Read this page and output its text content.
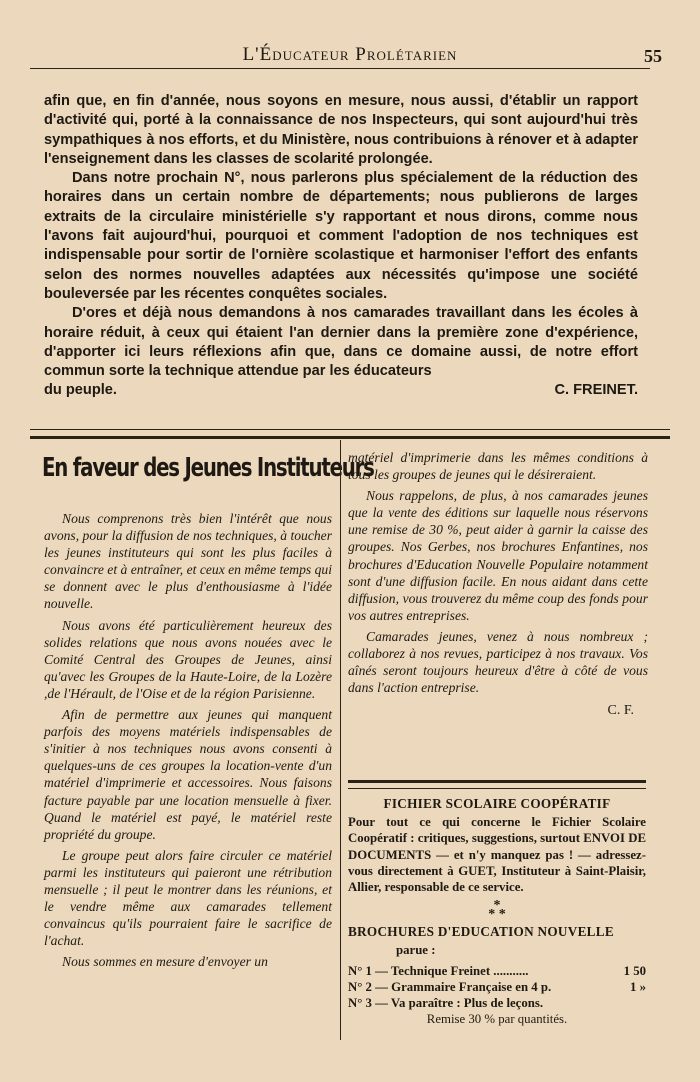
L'Éducateur Prolétarien	55

afin que, en fin d'année, nous soyons en mesure, nous aussi, d'établir un rapport d'activité qui, porté à la connaissance de nos Inspecteurs, qui sont aujourd'hui très sympathiques à nos efforts, et du Ministère, nous contribuions à rénover et à adapter l'enseignement dans les classes de scolarité prolongée.

Dans notre prochain N°, nous parlerons plus spécialement de la réduction des horaires dans un certain nombre de départements; nous publierons de larges extraits de la circulaire ministérielle s'y rapportant et nous dirons, comme nous l'avons fait aujourd'hui, pourquoi et comment l'adoption de nos techniques est indispensable pour sortir de l'ornière scolastique et harmoniser l'effort des enfants selon des normes nouvelles adaptées aux nécessités qu'impose une société bouleversée par les récentes conquêtes sociales.

D'ores et déjà nous demandons à nos camarades travaillant dans les écoles à horaire réduit, à ceux qui étaient l'an dernier dans la première zone d'expérience, d'apporter ici leurs réflexions afin que, dans ce domaine aussi, de notre effort commun sorte la technique attendue par les éducateurs

du peuple.	C. FREINET.
En faveur des Jeunes Instituteurs

Nous comprenons très bien l'intérêt que nous avons, pour la diffusion de nos techniques, à toucher les jeunes instituteurs qui sont les plus faciles à convaincre et à entraîner, et ceux en même temps qui se donnent avec le plus d'enthousiasme à l'idée nouvelle.

Nous avons été particulièrement heureux des solides relations que nous avons nouées avec le Comité Central des Groupes de Jeunes, ainsi qu'avec les Groupes de la Haute-Loire, de la Lozère ,de l'Hérault, de l'Oise et de la région Parisienne.

Afin de permettre aux jeunes qui manquent parfois des moyens matériels indispensables de s'initier à nos techniques nous avons consenti à quelques-uns de ces groupes la location-vente d'un matériel d'imprimerie et accessoires. Nous faisons facture payable par une location mensuelle à fixer. Quand le matériel est payé, le matériel reste propriété du groupe.

Le groupe peut alors faire circuler ce matériel parmi les instituteurs qui paieront une rétribution mensuelle ; il peut le montrer dans les réunions, et le vendre même aux camarades tellement convaincus qu'ils pourraient faire le sacrifice de l'achat.

Nous sommes en mesure d'envoyer un

matériel d'imprimerie dans les mêmes conditions à tous les groupes de jeunes qui le désireraient.

Nous rappelons, de plus, à nos camarades jeunes que la vente des éditions sur laquelle nous réservons une remise de 30 %, peut aider à garnir la caisse des groupes. Nos Gerbes, nos brochures Enfantines, nos brochures d'Education Nouvelle Populaire notamment sont d'une diffusion facile. En nous aidant dans cette diffusion, vous trouverez du même coup des fonds pour vos autres entreprises.

Camarades jeunes, venez à nous nombreux ; collaborez à nos revues, participez à nos travaux. Vos aînés seront toujours heureux d'être à côté de vous dans l'action entreprise.

C. F.
FICHIER SCOLAIRE COOPÉRATIF

Pour tout ce qui concerne le Fichier Scolaire Coopératif : critiques, suggestions, surtout ENVOI DE DOCUMENTS — et n'y manquez pas ! — adressez-vous directement à GUET, Instituteur à Saint-Plaisir, Allier, responsable de ce service.

*
* *
BROCHURES D'EDUCATION NOUVELLE
parue :
N° 1 — Technique Freinet ...........	1 50
N° 2 — Grammaire Française en 4 p.	1 »
N° 3 — Va paraître : Plus de leçons.
Remise 30 % par quantités.
